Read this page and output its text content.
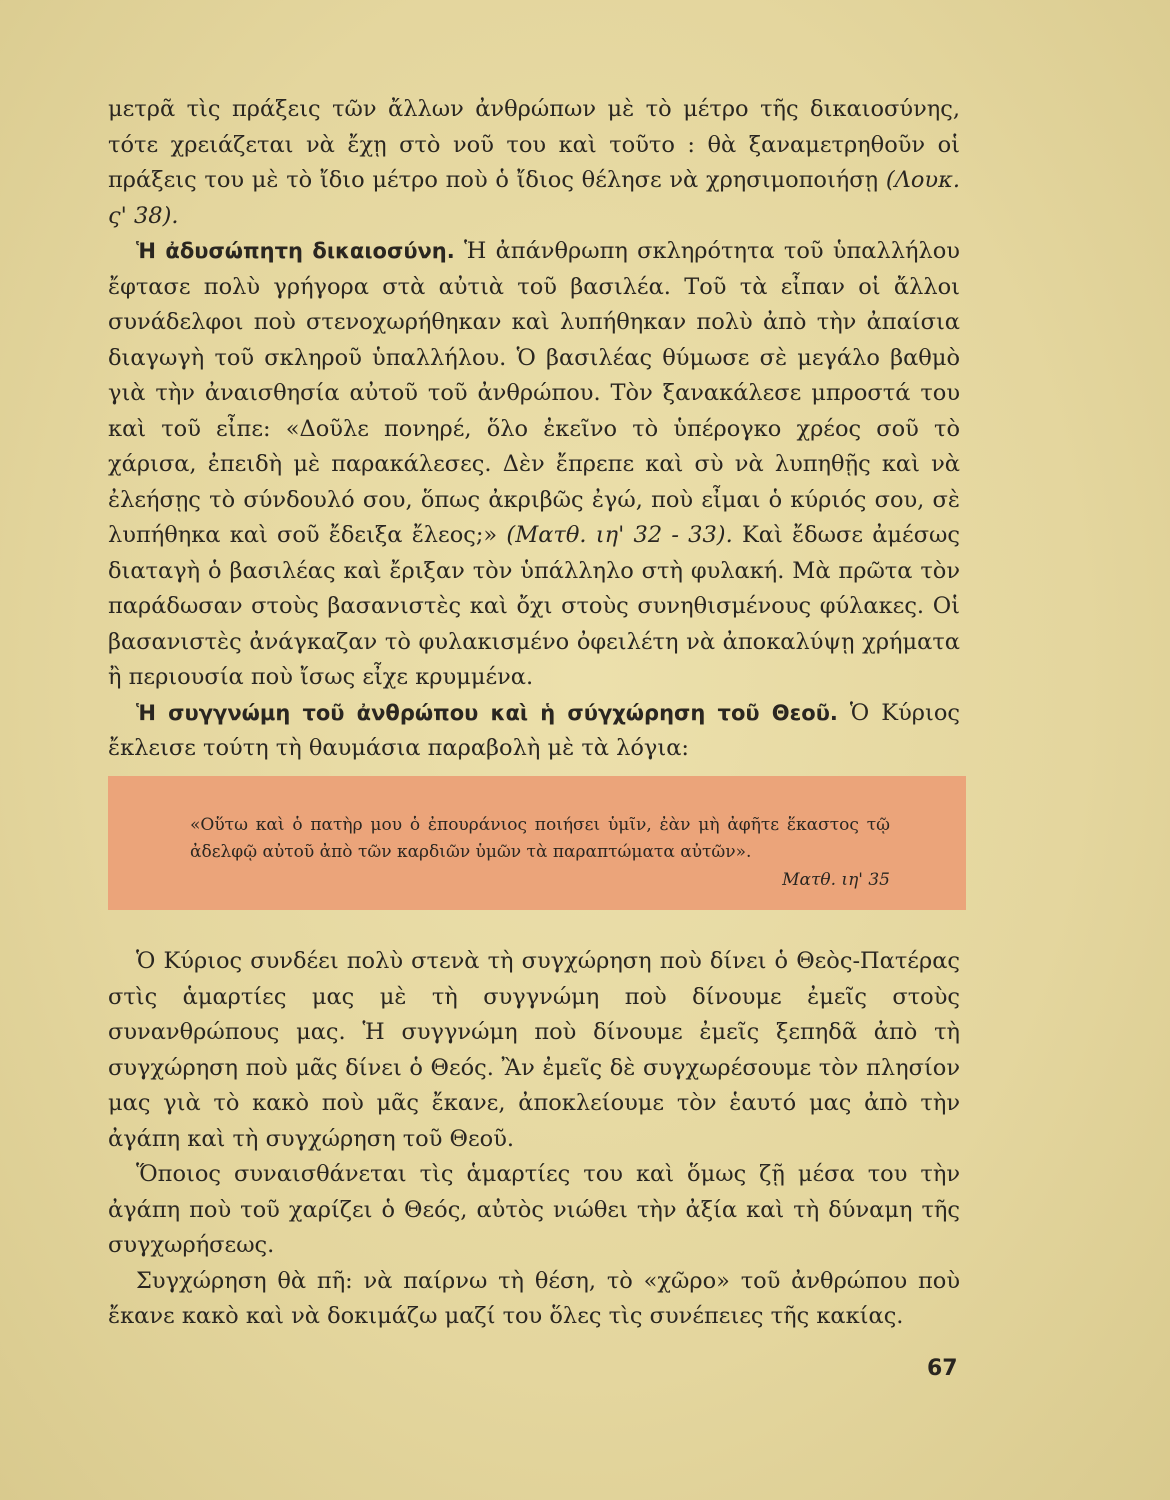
μετρᾶ τὶς πράξεις τῶν ἄλλων ἀνθρώπων μὲ τὸ μέτρο τῆς δικαιοσύνης, τότε χρειάζεται νὰ ἔχῃ στὸ νοῦ του καὶ τοῦτο : θὰ ξαναμετρηθοῦν οἱ πράξεις του μὲ τὸ ἴδιο μέτρο ποὺ ὁ ἴδιος θέλησε νὰ χρησιμοποιήσῃ (Λουκ. ς' 38).

Ἡ ἀδυσώπητη δικαιοσύνη. Ἡ ἀπάνθρωπη σκληρότητα τοῦ ὑπαλλήλου ἔφτασε πολὺ γρήγορα στὰ αὐτιὰ τοῦ βασιλέα. Τοῦ τὰ εἶπαν οἱ ἄλλοι συνάδελφοι ποὺ στενοχωρήθηκαν καὶ λυπήθηκαν πολὺ ἀπὸ τὴν ἀπαίσια διαγωγὴ τοῦ σκληροῦ ὑπαλλήλου. Ὁ βασιλέας θύμωσε σὲ μεγάλο βαθμὸ γιὰ τὴν ἀναισθησία αὐτοῦ τοῦ ἀνθρώπου. Τὸν ξανακάλεσε μπροστά του καὶ τοῦ εἶπε: «Δοῦλε πονηρέ, ὅλο ἐκεῖνο τὸ ὑπέρογκο χρέος σοῦ τὸ χάρισα, ἐπειδὴ μὲ παρακάλεσες. Δὲν ἔπρεπε καὶ σὺ νὰ λυπηθῇς καὶ νὰ ἐλεήσῃς τὸ σύνδουλό σου, ὅπως ἀκριβῶς ἐγώ, ποὺ εἶμαι ὁ κύριός σου, σὲ λυπήθηκα καὶ σοῦ ἔδειξα ἔλεος;» (Ματθ. ιη' 32 - 33). Καὶ ἔδωσε ἀμέσως διαταγὴ ὁ βασιλέας καὶ ἔριξαν τὸν ὑπάλληλο στὴ φυλακή. Μὰ πρῶτα τὸν παράδωσαν στοὺς βασανιστὲς καὶ ὄχι στοὺς συνηθισμένους φύλακες. Οἱ βασανιστὲς ἀνάγκαζαν τὸ φυλακισμένο ὀφειλέτη νὰ ἀποκαλύψῃ χρήματα ἢ περιουσία ποὺ ἴσως εἶχε κρυμμένα.

Ἡ συγγνώμη τοῦ ἀνθρώπου καὶ ἡ σύγχώρηση τοῦ Θεοῦ. Ὁ Κύριος ἔκλεισε τούτη τὴ θαυμάσια παραβολὴ μὲ τὰ λόγια:

«Οὕτω καὶ ὁ πατὴρ μου ὁ ἐπουράνιος ποιήσει ὑμῖν, ἐὰν μὴ ἀφῆτε ἕκαστος τῷ ἀδελφῷ αὐτοῦ ἀπὸ τῶν καρδιῶν ὑμῶν τὰ παραπτώματα αὐτῶν».
Ματθ. ιη' 35

Ὁ Κύριος συνδέει πολὺ στενὰ τὴ συγχώρηση ποὺ δίνει ὁ Θεὸς-Πατέρας στὶς ἁμαρτίες μας μὲ τὴ συγγνώμη ποὺ δίνουμε ἐμεῖς στοὺς συνανθρώπους μας. Ἡ συγγνώμη ποὺ δίνουμε ἐμεῖς ξεπηδᾶ ἀπὸ τὴ συγχώρηση ποὺ μᾶς δίνει ὁ Θεός. Ἂν ἐμεῖς δὲ συγχωρέσουμε τὸν πλησίον μας γιὰ τὸ κακὸ ποὺ μᾶς ἔκανε, ἀποκλείουμε τὸν ἑαυτό μας ἀπὸ τὴν ἀγάπη καὶ τὴ συγχώρηση τοῦ Θεοῦ.

Ὅποιος συναισθάνεται τὶς ἁμαρτίες του καὶ ὅμως ζῇ μέσα του τὴν ἀγάπη ποὺ τοῦ χαρίζει ὁ Θεός, αὐτὸς νιώθει τὴν ἀξία καὶ τὴ δύναμη τῆς συγχωρήσεως.

Συγχώρηση θὰ πῆ: νὰ παίρνω τὴ θέση, τὸ «χῶρο» τοῦ ἀνθρώπου ποὺ ἔκανε κακὸ καὶ νὰ δοκιμάζω μαζί του ὅλες τὶς συνέπειες τῆς κακίας.

67
